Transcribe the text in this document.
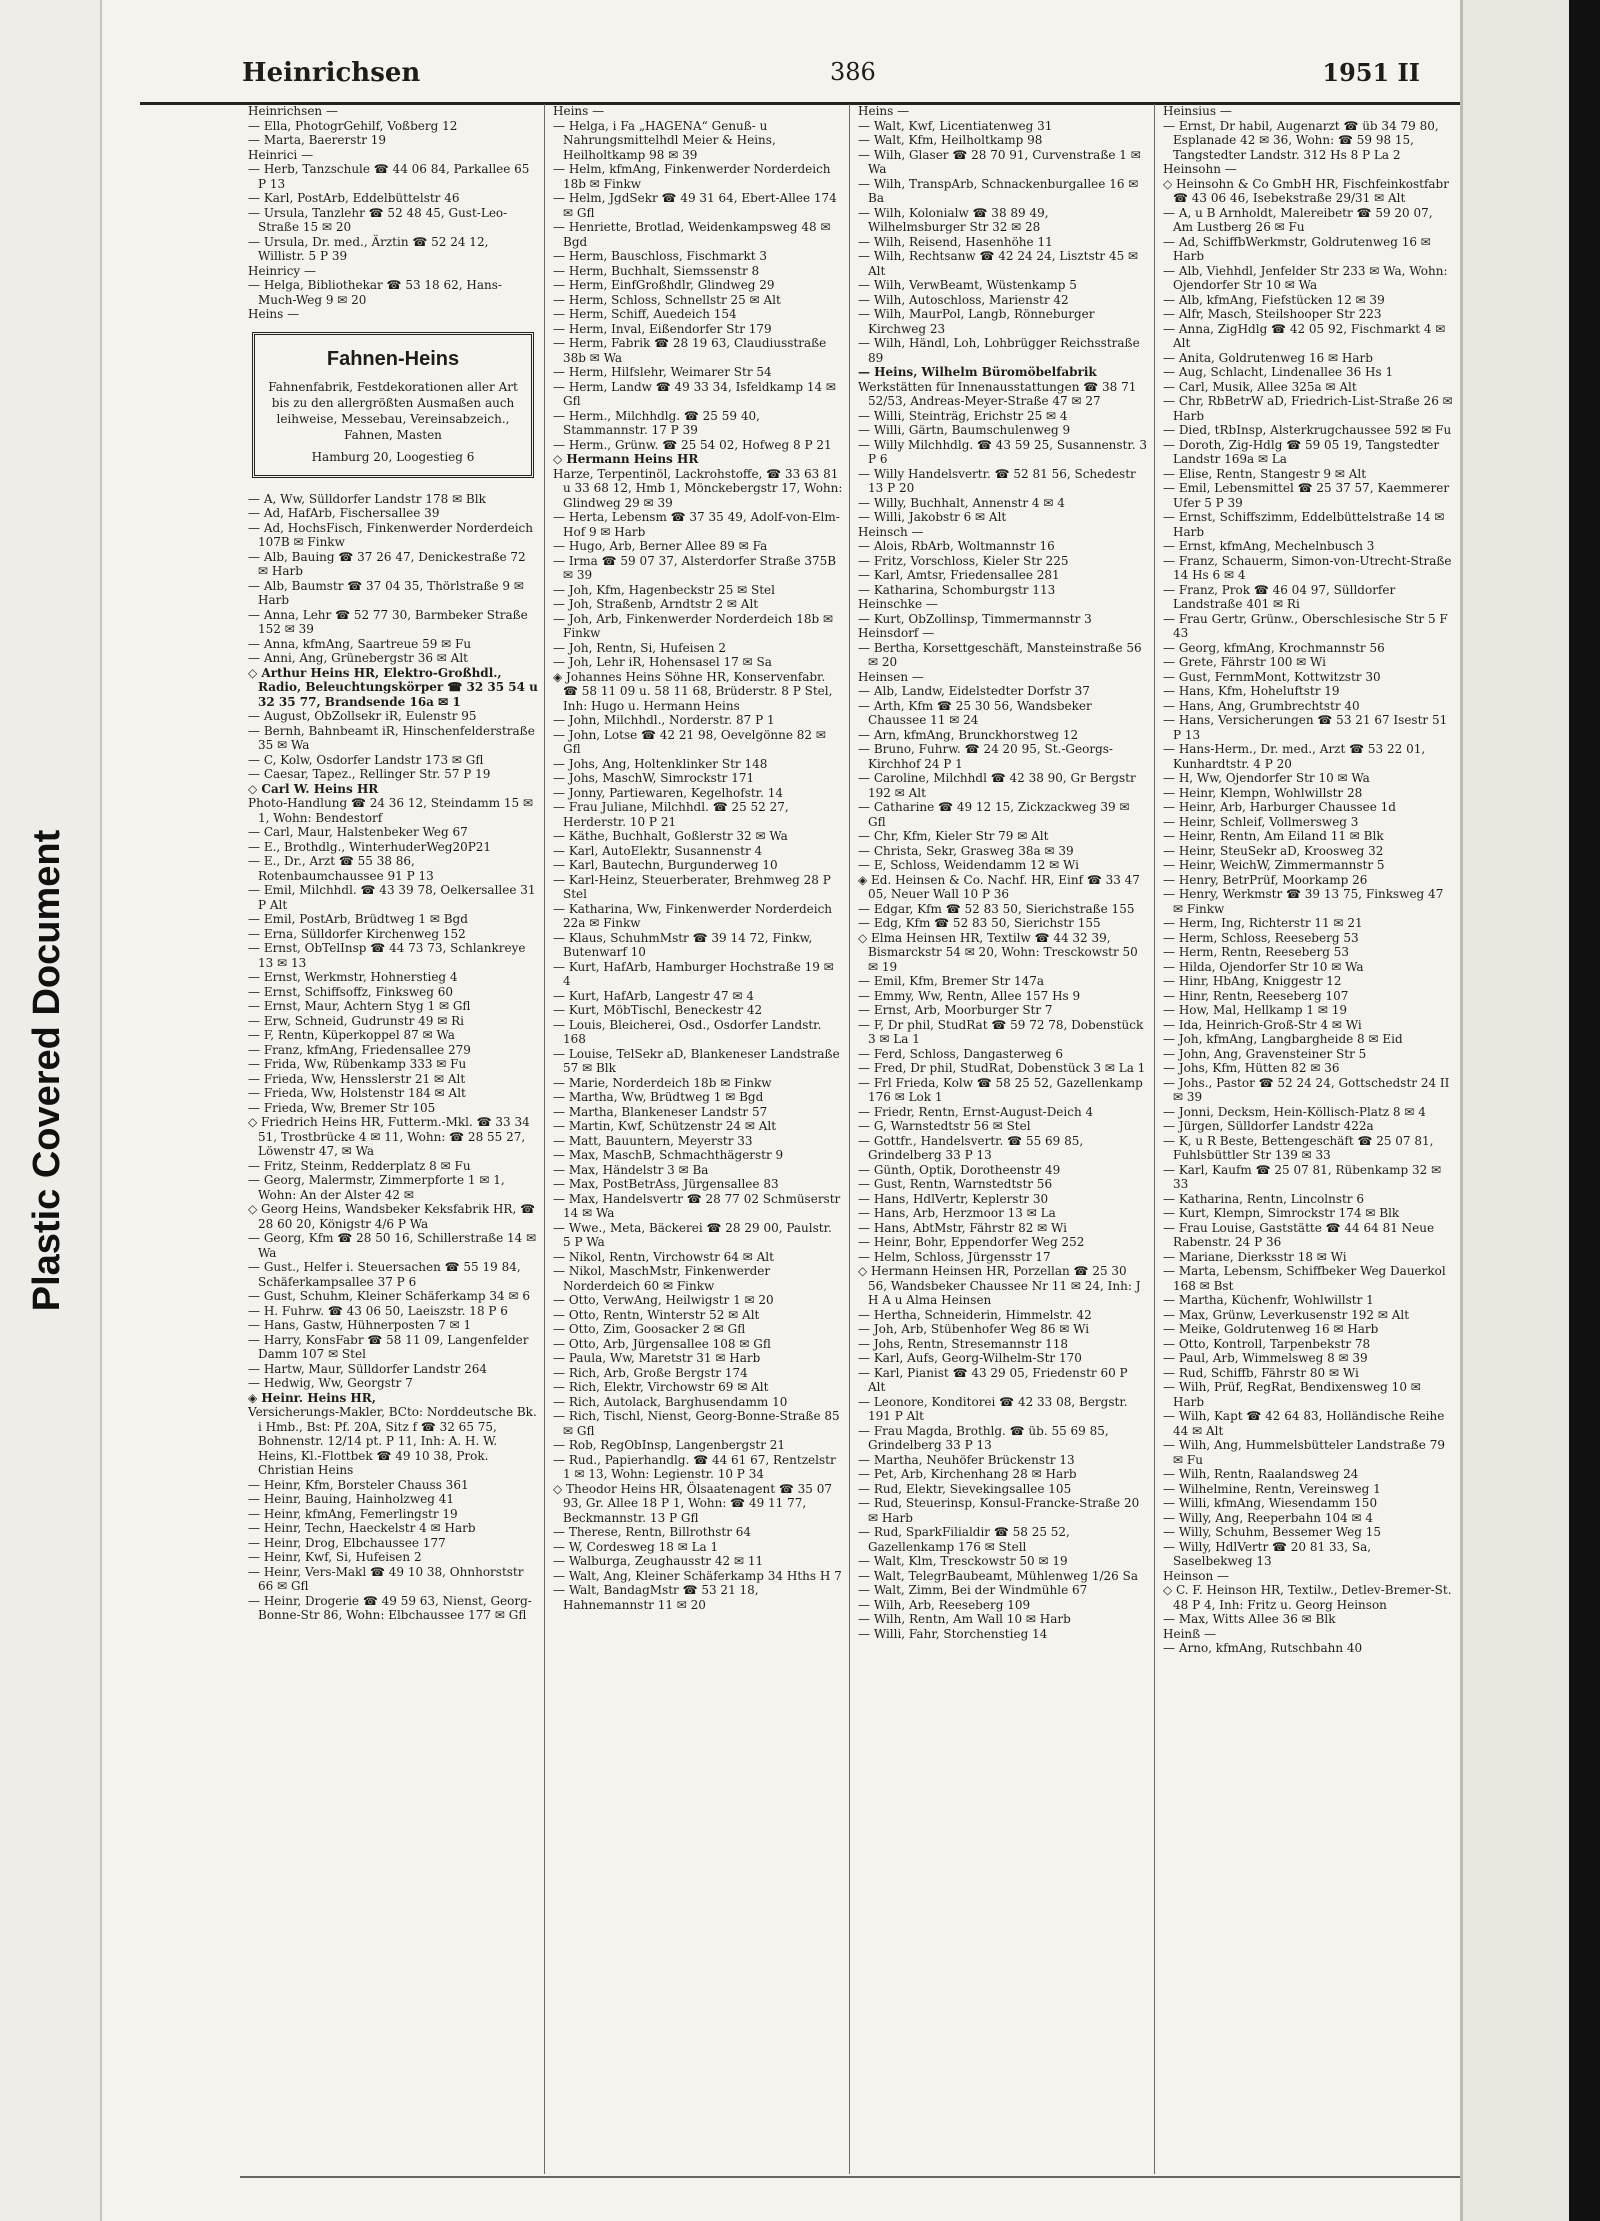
Plastic Covered Document
Heinrichsen	386	1951 II
Heinrichsen —
— Ella, PhotogrGehilf, Voßberg 12
— Marta, Baererstr 19
Heinrici —
— Herb, Tanzschule ☎ 44 06 84, Parkallee 65 P 13
— Karl, PostArb, Eddelbüttelstr 46
— Ursula, Tanzlehr ☎ 52 48 45, Gust-Leo-Straße 15 ✉ 20
— Ursula, Dr. med., Ärztin ☎ 52 24 12, Willistr. 5 P 39
Heinricy —
— Helga, Bibliothekar ☎ 53 18 62, Hans-Much-Weg 9 ✉ 20
Heins —
Fahnen-Heins
Fahnenfabrik, Festdekorationen aller Art bis zu den allergrößten Ausmaßen auch leihweise, Messebau, Vereinsabzeich., Fahnen, Masten
Hamburg 20, Loogestieg 6
— A, Ww, Sülldorfer Landstr 178 ✉ Blk
— Ad, HafArb, Fischersallee 39
— Ad, HochsFisch, Finkenwerder Norderdeich 107B ✉ Finkw
— Alb, Bauing ☎ 37 26 47, Denickestraße 72 ✉ Harb
— Alb, Baumstr ☎ 37 04 35, Thörlstraße 9 ✉ Harb
— Anna, Lehr ☎ 52 77 30, Barmbeker Straße 152 ✉ 39
— Anna, kfmAng, Saartreue 59 ✉ Fu
— Anni, Ang, Grünebergstr 36 ✉ Alt
◇ Arthur Heins HR, Elektro-Großhdl., Radio, Beleuchtungskörper ☎ 32 35 54 u 32 35 77, Brandsende 16a ✉ 1
— August, ObZollsekr iR, Eulenstr 95
— Bernh, Bahnbeamt iR, Hinschenfelderstraße 35 ✉ Wa
— C, Kolw, Osdorfer Landstr 173 ✉ Gfl
— Caesar, Tapez., Rellinger Str. 57 P 19
◇ Carl W. Heins HR
Photo-Handlung ☎ 24 36 12, Steindamm 15 ✉ 1, Wohn: Bendestorf
— Carl, Maur, Halstenbeker Weg 67
— E., Brothdlg., WinterhuderWeg20P21
— E., Dr., Arzt ☎ 55 38 86, Rotenbaumchaussee 91 P 13
— Emil, Milchhdl. ☎ 43 39 78, Oelkersallee 31 P Alt
— Emil, PostArb, Brüdtweg 1 ✉ Bgd
— Erna, Sülldorfer Kirchenweg 152
— Ernst, ObTelInsp ☎ 44 73 73, Schlankreye 13 ✉ 13
— Ernst, Werkmstr, Hohnerstieg 4
— Ernst, Schiffsoffz, Finksweg 60
— Ernst, Maur, Achtern Styg 1 ✉ Gfl
— Erw, Schneid, Gudrunstr 49 ✉ Ri
— F, Rentn, Küperkoppel 87 ✉ Wa
— Franz, kfmAng, Friedensallee 279
— Frida, Ww, Rübenkamp 333 ✉ Fu
— Frieda, Ww, Hensslerstr 21 ✉ Alt
— Frieda, Ww, Holstenstr 184 ✉ Alt
— Frieda, Ww, Bremer Str 105
◇ Friedrich Heins HR, Futterm.-Mkl. ☎ 33 34 51, Trostbrücke 4 ✉ 11, Wohn: ☎ 28 55 27, Löwenstr 47, ✉ Wa
— Fritz, Steinm, Redderplatz 8 ✉ Fu
— Georg, Malermstr, Zimmerpforte 1 ✉ 1, Wohn: An der Alster 42 ✉
◇ Georg Heins, Wandsbeker Keksfabrik HR, ☎ 28 60 20, Königstr 4/6 P Wa
— Georg, Kfm ☎ 28 50 16, Schillerstraße 14 ✉ Wa
— Gust., Helfer i. Steuersachen ☎ 55 19 84, Schäferkampsallee 37 P 6
— Gust, Schuhm, Kleiner Schäferkamp 34 ✉ 6
— H. Fuhrw. ☎ 43 06 50, Laeiszstr. 18 P 6
— Hans, Gastw, Hühnerposten 7 ✉ 1
— Harry, KonsFabr ☎ 58 11 09, Langenfelder Damm 107 ✉ Stel
— Hartw, Maur, Sülldorfer Landstr 264
— Hedwig, Ww, Georgstr 7
◈ Heinr. Heins HR,
Versicherungs-Makler, BCto: Norddeutsche Bk. i Hmb., Bst: Pf. 20A, Sitz f ☎ 32 65 75, Bohnenstr. 12/14 pt. P 11, Inh: A. H. W. Heins, Kl.-Flottbek ☎ 49 10 38, Prok. Christian Heins
— Heinr, Kfm, Borsteler Chauss 361
— Heinr, Bauing, Hainholzweg 41
— Heinr, kfmAng, Femerlingstr 19
— Heinr, Techn, Haeckelstr 4 ✉ Harb
— Heinr, Drog, Elbchaussee 177
— Heinr, Kwf, Si, Hufeisen 2
— Heinr, Vers-Makl ☎ 49 10 38, Ohnhorststr 66 ✉ Gfl
— Heinr, Drogerie ☎ 49 59 63, Nienst, Georg-Bonne-Str 86, Wohn: Elbchaussee 177 ✉ Gfl
Heins —
— Helga, i Fa „HAGENA“ Genuß- u Nahrungsmittelhdl Meier & Heins, Heilholtkamp 98 ✉ 39
— Helm, kfmAng, Finkenwerder Norderdeich 18b ✉ Finkw
— Helm, JgdSekr ☎ 49 31 64, Ebert-Allee 174 ✉ Gfl
— Henriette, Brotlad, Weidenkampsweg 48 ✉ Bgd
— Herm, Bauschloss, Fischmarkt 3
— Herm, Buchhalt, Siemssenstr 8
— Herm, EinfGroßhdlr, Glindweg 29
— Herm, Schloss, Schnellstr 25 ✉ Alt
— Herm, Schiff, Auedeich 154
— Herm, Inval, Eißendorfer Str 179
— Herm, Fabrik ☎ 28 19 63, Claudiusstraße 38b ✉ Wa
— Herm, Hilfslehr, Weimarer Str 54
— Herm, Landw ☎ 49 33 34, Isfeldkamp 14 ✉ Gfl
— Herm., Milchhdlg. ☎ 25 59 40, Stammannstr. 17 P 39
— Herm., Grünw. ☎ 25 54 02, Hofweg 8 P 21
◇ Hermann Heins HR
Harze, Terpentinöl, Lackrohstoffe, ☎ 33 63 81 u 33 68 12, Hmb 1, Mönckebergstr 17, Wohn: Glindweg 29 ✉ 39
— Herta, Lebensm ☎ 37 35 49, Adolf-von-Elm-Hof 9 ✉ Harb
— Hugo, Arb, Berner Allee 89 ✉ Fa
— Irma ☎ 59 07 37, Alsterdorfer Straße 375B ✉ 39
— Joh, Kfm, Hagenbeckstr 25 ✉ Stel
— Joh, Straßenb, Arndtstr 2 ✉ Alt
— Joh, Arb, Finkenwerder Norderdeich 18b ✉ Finkw
— Joh, Rentn, Si, Hufeisen 2
— Joh, Lehr iR, Hohensasel 17 ✉ Sa
◈ Johannes Heins Söhne HR, Konservenfabr. ☎ 58 11 09 u. 58 11 68, Brüderstr. 8 P Stel, Inh: Hugo u. Hermann Heins
— John, Milchhdl., Norderstr. 87 P 1
— John, Lotse ☎ 42 21 98, Oevelgönne 82 ✉ Gfl
— Johs, Ang, Holtenklinker Str 148
— Johs, MaschW, Simrockstr 171
— Jonny, Partiewaren, Kegelhofstr. 14
— Frau Juliane, Milchhdl. ☎ 25 52 27, Herderstr. 10 P 21
— Käthe, Buchhalt, Goßlerstr 32 ✉ Wa
— Karl, AutoElektr, Susannenstr 4
— Karl, Bautechn, Burgunderweg 10
— Karl-Heinz, Steuerberater, Brehmweg 28 P Stel
— Katharina, Ww, Finkenwerder Norderdeich 22a ✉ Finkw
— Klaus, SchuhmMstr ☎ 39 14 72, Finkw, Butenwarf 10
— Kurt, HafArb, Hamburger Hochstraße 19 ✉ 4
— Kurt, HafArb, Langestr 47 ✉ 4
— Kurt, MöbTischl, Beneckestr 42
— Louis, Bleicherei, Osd., Osdorfer Landstr. 168
— Louise, TelSekr aD, Blankeneser Landstraße 57 ✉ Blk
— Marie, Norderdeich 18b ✉ Finkw
— Martha, Ww, Brüdtweg 1 ✉ Bgd
— Martha, Blankeneser Landstr 57
— Martin, Kwf, Schützenstr 24 ✉ Alt
— Matt, Bauuntern, Meyerstr 33
— Max, MaschB, Schmachthägerstr 9
— Max, Händelstr 3 ✉ Ba
— Max, PostBetrAss, Jürgensallee 83
— Max, Handelsvertr ☎ 28 77 02 Schmüserstr 14 ✉ Wa
— Wwe., Meta, Bäckerei ☎ 28 29 00, Paulstr. 5 P Wa
— Nikol, Rentn, Virchowstr 64 ✉ Alt
— Nikol, MaschMstr, Finkenwerder Norderdeich 60 ✉ Finkw
— Otto, VerwAng, Heilwigstr 1 ✉ 20
— Otto, Rentn, Winterstr 52 ✉ Alt
— Otto, Zim, Goosacker 2 ✉ Gfl
— Otto, Arb, Jürgensallee 108 ✉ Gfl
— Paula, Ww, Maretstr 31 ✉ Harb
— Rich, Arb, Große Bergstr 174
— Rich, Elektr, Virchowstr 69 ✉ Alt
— Rich, Autolack, Barghusendamm 10
— Rich, Tischl, Nienst, Georg-Bonne-Straße 85 ✉ Gfl
— Rob, RegObInsp, Langenbergstr 21
— Rud., Papierhandlg. ☎ 44 61 67, Rentzelstr 1 ✉ 13, Wohn: Legienstr. 10 P 34
◇ Theodor Heins HR, Ölsaatenagent ☎ 35 07 93, Gr. Allee 18 P 1, Wohn: ☎ 49 11 77, Beckmannstr. 13 P Gfl
— Therese, Rentn, Billrothstr 64
— W, Cordesweg 18 ✉ La 1
— Walburga, Zeughausstr 42 ✉ 11
— Walt, Ang, Kleiner Schäferkamp 34 Hths H 7
— Walt, BandagMstr ☎ 53 21 18, Hahnemannstr 11 ✉ 20
Heins —
— Walt, Kwf, Licentiatenweg 31
— Walt, Kfm, Heilholtkamp 98
— Wilh, Glaser ☎ 28 70 91, Curvenstraße 1 ✉ Wa
— Wilh, TranspArb, Schnackenburgallee 16 ✉ Ba
— Wilh, Kolonialw ☎ 38 89 49, Wilhelmsburger Str 32 ✉ 28
— Wilh, Reisend, Hasenhöhe 11
— Wilh, Rechtsanw ☎ 42 24 24, Lisztstr 45 ✉ Alt
— Wilh, VerwBeamt, Wüstenkamp 5
— Wilh, Autoschloss, Marienstr 42
— Wilh, MaurPol, Langb, Rönneburger Kirchweg 23
— Wilh, Händl, Loh, Lohbrügger Reichsstraße 89
— Heins, Wilhelm Büromöbelfabrik
Werkstätten für Innenausstattungen ☎ 38 71 52/53, Andreas-Meyer-Straße 47 ✉ 27
— Willi, Steinträg, Erichstr 25 ✉ 4
— Willi, Gärtn, Baumschulenweg 9
— Willy Milchhdlg. ☎ 43 59 25, Susannenstr. 3 P 6
— Willy Handelsvertr. ☎ 52 81 56, Schedestr 13 P 20
— Willy, Buchhalt, Annenstr 4 ✉ 4
— Willi, Jakobstr 6 ✉ Alt
Heinsch —
— Alois, RbArb, Woltmannstr 16
— Fritz, Vorschloss, Kieler Str 225
— Karl, Amtsr, Friedensallee 281
— Katharina, Schomburgstr 113
Heinschke —
— Kurt, ObZollinsp, Timmermannstr 3
Heinsdorf —
— Bertha, Korsettgeschäft, Mansteinstraße 56 ✉ 20
Heinsen —
— Alb, Landw, Eidelstedter Dorfstr 37
— Arth, Kfm ☎ 25 30 56, Wandsbeker Chaussee 11 ✉ 24
— Arn, kfmAng, Brunckhorstweg 12
— Bruno, Fuhrw. ☎ 24 20 95, St.-Georgs-Kirchhof 24 P 1
— Caroline, Milchhdl ☎ 42 38 90, Gr Bergstr 192 ✉ Alt
— Catharine ☎ 49 12 15, Zickzackweg 39 ✉ Gfl
— Chr, Kfm, Kieler Str 79 ✉ Alt
— Christa, Sekr, Grasweg 38a ✉ 39
— E, Schloss, Weidendamm 12 ✉ Wi
◈ Ed. Heinsen & Co. Nachf. HR, Einf ☎ 33 47 05, Neuer Wall 10 P 36
— Edgar, Kfm ☎ 52 83 50, Sierichstraße 155
— Edg, Kfm ☎ 52 83 50, Sierichstr 155
◇ Elma Heinsen HR, Textilw ☎ 44 32 39, Bismarckstr 54 ✉ 20, Wohn: Tresckowstr 50 ✉ 19
— Emil, Kfm, Bremer Str 147a
— Emmy, Ww, Rentn, Allee 157 Hs 9
— Ernst, Arb, Moorburger Str 7
— F, Dr phil, StudRat ☎ 59 72 78, Dobenstück 3 ✉ La 1
— Ferd, Schloss, Dangasterweg 6
— Fred, Dr phil, StudRat, Dobenstück 3 ✉ La 1
— Frl Frieda, Kolw ☎ 58 25 52, Gazellenkamp 176 ✉ Lok 1
— Friedr, Rentn, Ernst-August-Deich 4
— G, Warnstedtstr 56 ✉ Stel
— Gottfr., Handelsvertr. ☎ 55 69 85, Grindelberg 33 P 13
— Günth, Optik, Dorotheenstr 49
— Gust, Rentn, Warnstedtstr 56
— Hans, HdlVertr, Keplerstr 30
— Hans, Arb, Herzmoor 13 ✉ La
— Hans, AbtMstr, Fährstr 82 ✉ Wi
— Heinr, Bohr, Eppendorfer Weg 252
— Helm, Schloss, Jürgensstr 17
◇ Hermann Heinsen HR, Porzellan ☎ 25 30 56, Wandsbeker Chaussee Nr 11 ✉ 24, Inh: J H A u Alma Heinsen
— Hertha, Schneiderin, Himmelstr. 42
— Joh, Arb, Stübenhofer Weg 86 ✉ Wi
— Johs, Rentn, Stresemannstr 118
— Karl, Aufs, Georg-Wilhelm-Str 170
— Karl, Pianist ☎ 43 29 05, Friedenstr 60 P Alt
— Leonore, Konditorei ☎ 42 33 08, Bergstr. 191 P Alt
— Frau Magda, Brothlg. ☎ üb. 55 69 85, Grindelberg 33 P 13
— Martha, Neuhöfer Brückenstr 13
— Pet, Arb, Kirchenhang 28 ✉ Harb
— Rud, Elektr, Sievekingsallee 105
— Rud, Steuerinsp, Konsul-Francke-Straße 20 ✉ Harb
— Rud, SparkFilialdir ☎ 58 25 52, Gazellenkamp 176 ✉ Stell
— Walt, Klm, Tresckowstr 50 ✉ 19
— Walt, TelegrBaubeamt, Mühlenweg 1/26 Sa
— Walt, Zimm, Bei der Windmühle 67
— Wilh, Arb, Reeseberg 109
— Wilh, Rentn, Am Wall 10 ✉ Harb
— Willi, Fahr, Storchenstieg 14
Heinsius —
— Ernst, Dr habil, Augenarzt ☎ üb 34 79 80, Esplanade 42 ✉ 36, Wohn: ☎ 59 98 15, Tangstedter Landstr. 312 Hs 8 P La 2
Heinsohn —
◇ Heinsohn & Co GmbH HR, Fischfeinkostfabr ☎ 43 06 46, Isebekstraße 29/31 ✉ Alt
— A, u B Arnholdt, Malereibetr ☎ 59 20 07, Am Lustberg 26 ✉ Fu
— Ad, SchiffbWerkmstr, Goldrutenweg 16 ✉ Harb
— Alb, Viehhdl, Jenfelder Str 233 ✉ Wa, Wohn: Ojendorfer Str 10 ✉ Wa
— Alb, kfmAng, Fiefstücken 12 ✉ 39
— Alfr, Masch, Steilshooper Str 223
— Anna, ZigHdlg ☎ 42 05 92, Fischmarkt 4 ✉ Alt
— Anita, Goldrutenweg 16 ✉ Harb
— Aug, Schlacht, Lindenallee 36 Hs 1
— Carl, Musik, Allee 325a ✉ Alt
— Chr, RbBetrW aD, Friedrich-List-Straße 26 ✉ Harb
— Died, tRbInsp, Alsterkrugchaussee 592 ✉ Fu
— Doroth, Zig-Hdlg ☎ 59 05 19, Tangstedter Landstr 169a ✉ La
— Elise, Rentn, Stangestr 9 ✉ Alt
— Emil, Lebensmittel ☎ 25 37 57, Kaemmerer Ufer 5 P 39
— Ernst, Schiffszimm, Eddelbüttelstraße 14 ✉ Harb
— Ernst, kfmAng, Mechelnbusch 3
— Franz, Schauerm, Simon-von-Utrecht-Straße 14 Hs 6 ✉ 4
— Franz, Prok ☎ 46 04 97, Sülldorfer Landstraße 401 ✉ Ri
— Frau Gertr, Grünw., Oberschlesische Str 5 F 43
— Georg, kfmAng, Krochmannstr 56
— Grete, Fährstr 100 ✉ Wi
— Gust, FernmMont, Kottwitzstr 30
— Hans, Kfm, Hoheluftstr 19
— Hans, Ang, Grumbrechtstr 40
— Hans, Versicherungen ☎ 53 21 67 Isestr 51 P 13
— Hans-Herm., Dr. med., Arzt ☎ 53 22 01, Kunhardtstr. 4 P 20
— H, Ww, Ojendorfer Str 10 ✉ Wa
— Heinr, Klempn, Wohlwillstr 28
— Heinr, Arb, Harburger Chaussee 1d
— Heinr, Schleif, Vollmersweg 3
— Heinr, Rentn, Am Eiland 11 ✉ Blk
— Heinr, SteuSekr aD, Kroosweg 32
— Heinr, WeichW, Zimmermannstr 5
— Henry, BetrPrüf, Moorkamp 26
— Henry, Werkmstr ☎ 39 13 75, Finksweg 47 ✉ Finkw
— Herm, Ing, Richterstr 11 ✉ 21
— Herm, Schloss, Reeseberg 53
— Herm, Rentn, Reeseberg 53
— Hilda, Ojendorfer Str 10 ✉ Wa
— Hinr, HbAng, Kniggestr 12
— Hinr, Rentn, Reeseberg 107
— How, Mal, Hellkamp 1 ✉ 19
— Ida, Heinrich-Groß-Str 4 ✉ Wi
— Joh, kfmAng, Langbargheide 8 ✉ Eid
— John, Ang, Gravensteiner Str 5
— Johs, Kfm, Hütten 82 ✉ 36
— Johs., Pastor ☎ 52 24 24, Gottschedstr 24 II ✉ 39
— Jonni, Decksm, Hein-Köllisch-Platz 8 ✉ 4
— Jürgen, Sülldorfer Landstr 422a
— K, u R Beste, Bettengeschäft ☎ 25 07 81, Fuhlsbüttler Str 139 ✉ 33
— Karl, Kaufm ☎ 25 07 81, Rübenkamp 32 ✉ 33
— Katharina, Rentn, Lincolnstr 6
— Kurt, Klempn, Simrockstr 174 ✉ Blk
— Frau Louise, Gaststätte ☎ 44 64 81 Neue Rabenstr. 24 P 36
— Mariane, Dierksstr 18 ✉ Wi
— Marta, Lebensm, Schiffbeker Weg Dauerkol 168 ✉ Bst
— Martha, Küchenfr, Wohlwillstr 1
— Max, Grünw, Leverkusenstr 192 ✉ Alt
— Meike, Goldrutenweg 16 ✉ Harb
— Otto, Kontroll, Tarpenbekstr 78
— Paul, Arb, Wimmelsweg 8 ✉ 39
— Rud, Schiffb, Fährstr 80 ✉ Wi
— Wilh, Prüf, RegRat, Bendixensweg 10 ✉ Harb
— Wilh, Kapt ☎ 42 64 83, Holländische Reihe 44 ✉ Alt
— Wilh, Ang, Hummelsbütteler Landstraße 79 ✉ Fu
— Wilh, Rentn, Raalandsweg 24
— Wilhelmine, Rentn, Vereinsweg 1
— Willi, kfmAng, Wiesendamm 150
— Willy, Ang, Reeperbahn 104 ✉ 4
— Willy, Schuhm, Bessemer Weg 15
— Willy, HdlVertr ☎ 20 81 33, Sa, Saselbekweg 13
Heinson —
◇ C. F. Heinson HR, Textilw., Detlev-Bremer-St. 48 P 4, Inh: Fritz u. Georg Heinson
— Max, Witts Allee 36 ✉ Blk
Heinß —
— Arno, kfmAng, Rutschbahn 40
